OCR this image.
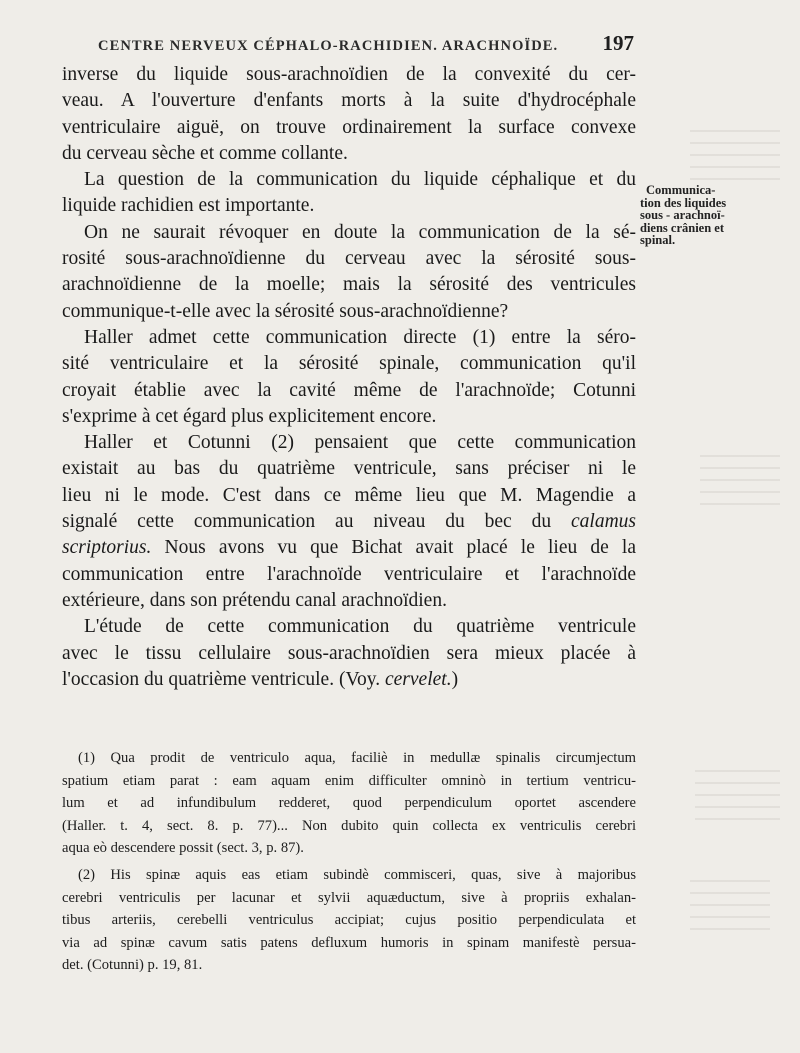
CENTRE NERVEUX CÉPHALO-RACHIDIEN. ARACHNOÏDE. 197
inverse du liquide sous-arachnoïdien de la convexité du cer-
veau. A l'ouverture d'enfants morts à la suite d'hydrocéphale
ventriculaire aiguë, on trouve ordinairement la surface convexe
du cerveau sèche et comme collante.
La question de la communication du liquide céphalique et du
liquide rachidien est importante.
On ne saurait révoquer en doute la communication de la sé-
rosité sous-arachnoïdienne du cerveau avec la sérosité sous-
arachnoïdienne de la moelle; mais la sérosité des ventricules
communique-t-elle avec la sérosité sous-arachnoïdienne?
Haller admet cette communication directe (1) entre la séro-
sité ventriculaire et la sérosité spinale, communication qu'il
croyait établie avec la cavité même de l'arachnoïde; Cotunni
s'exprime à cet égard plus explicitement encore.
Haller et Cotunni (2) pensaient que cette communication
existait au bas du quatrième ventricule, sans préciser ni le
lieu ni le mode. C'est dans ce même lieu que M. Magendie a
signalé cette communication au niveau du bec du calamus
scriptorius. Nous avons vu que Bichat avait placé le lieu de la
communication entre l'arachnoïde ventriculaire et l'arachnoïde
extérieure, dans son prétendu canal arachnoïdien.
L'étude de cette communication du quatrième ventricule
avec le tissu cellulaire sous-arachnoïdien sera mieux placée à
l'occasion du quatrième ventricule. (Voy. cervelet.)
Communica-
tion des liquides
sous - arachnoï-
diens crânien et
spinal.
(1) Qua prodit de ventriculo aqua, faciliè in medullæ spinalis circumjectum
spatium etiam parat : eam aquam enim difficulter omninò in tertium ventricu-
lum et ad infundibulum redderet, quod perpendiculum oportet ascendere
(Haller. t. 4, sect. 8. p. 77)... Non dubito quin collecta ex ventriculis cerebri
aqua eò descendere possit (sect. 3, p. 87).
(2) His spinæ aquis eas etiam subindè commisceri, quas, sive à majoribus
cerebri ventriculis per lacunar et sylvii aquæductum, sive à propriis exhalan-
tibus arteriis, cerebelli ventriculus accipiat; cujus positio perpendiculata et
via ad spinæ cavum satis patens defluxum humoris in spinam manifestè persua-
det. (Cotunni) p. 19, 81.
